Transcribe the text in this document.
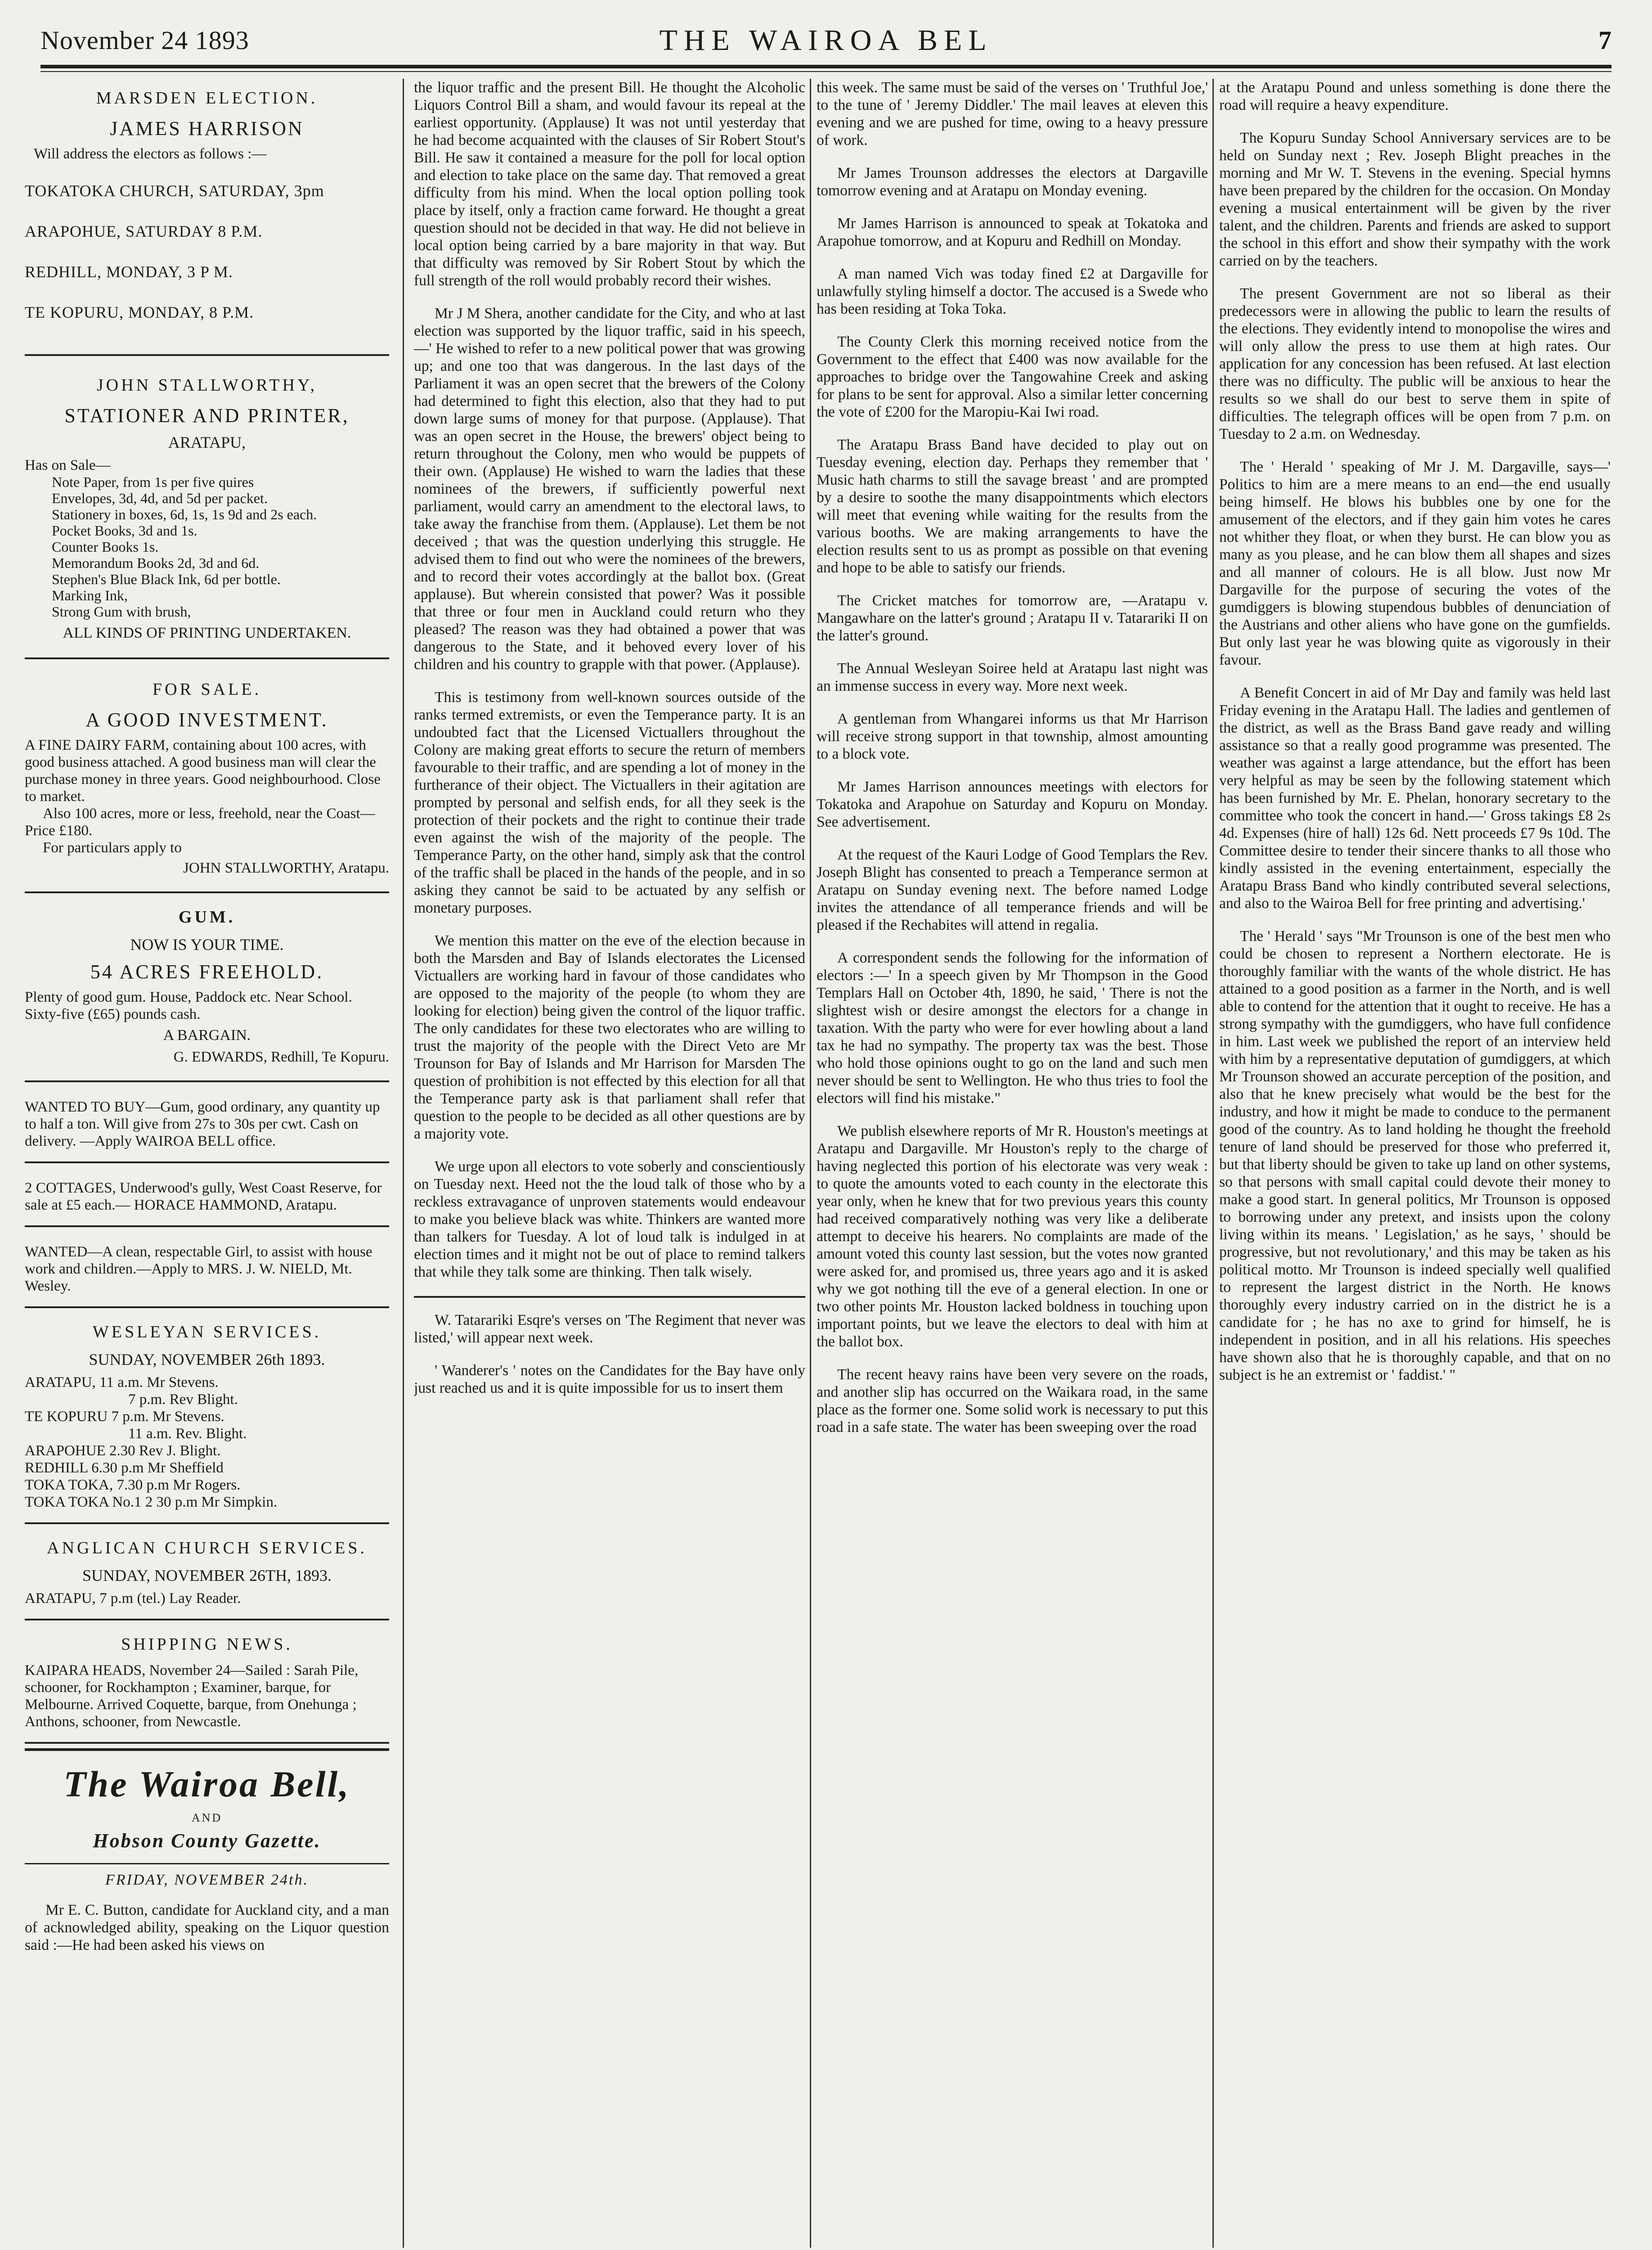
November 24 1893	THE WAIROA BEL	7
MARSDEN ELECTION.
JAMES HARRISON
Will address the electors as follows :—
TOKATOKA CHURCH, SATURDAY, 3pm
ARAPOHUE, SATURDAY 8 P.M.
REDHILL, MONDAY, 3 P M.
TE KOPURU, MONDAY, 8 P.M.
JOHN STALLWORTHY,
STATIONER AND PRINTER,
ARATAPU,
Has on Sale—
Note Paper, from 1s per five quires
Envelopes, 3d, 4d, and 5d per packet.
Stationery in boxes, 6d, 1s, 1s 9d and 2s each.
Pocket Books, 3d and 1s.
Counter Books 1s.
Memorandum Books 2d, 3d and 6d.
Stephen's Blue Black Ink, 6d per bottle.
Marking Ink,
Strong Gum with brush,
ALL KINDS OF PRINTING UNDERTAKEN.
FOR SALE.
A GOOD INVESTMENT.

A FINE DAIRY FARM, containing about 100 acres, with good business attached. A good business man will clear the purchase money in three years. Good neighbourhood. Close to market.

Also 100 acres, more or less, freehold, near the Coast—Price £180.

For particulars apply to
JOHN STALLWORTHY, Aratapu.
GUM.
NOW IS YOUR TIME.
54 ACRES FREEHOLD.

Plenty of good gum. House, Paddock etc. Near School. Sixty-five (£65) pounds cash.

A BARGAIN.
G. EDWARDS, Redhill, Te Kopuru.

WANTED TO BUY—Gum, good ordinary, any quantity up to half a ton. Will give from 27s to 30s per cwt. Cash on delivery. —Apply WAIROA BELL office.

2 COTTAGES, Underwood's gully, West Coast Reserve, for sale at £5 each.— HORACE HAMMOND, Aratapu.

WANTED—A clean, respectable Girl, to assist with house work and children.—Apply to MRS. J. W. NIELD, Mt. Wesley.

WESLEYAN SERVICES.
SUNDAY, NOVEMBER 26th 1893.
ARATAPU, 11 a.m. Mr Stevens.
7 p.m. Rev Blight.
TE KOPURU 7 p.m. Mr Stevens.
11 a.m. Rev. Blight.
ARAPOHUE 2.30 Rev J. Blight.
REDHILL 6.30 p.m Mr Sheffield
TOKA TOKA, 7.30 p.m Mr Rogers.
TOKA TOKA No.1 2 30 p.m Mr Simpkin.
ANGLICAN CHURCH SERVICES.
SUNDAY, NOVEMBER 26TH, 1893.
ARATAPU, 7 p.m (tel.) Lay Reader.
SHIPPING NEWS.

KAIPARA HEADS, November 24—Sailed : Sarah Pile, schooner, for Rockhampton ; Examiner, barque, for Melbourne. Arrived Coquette, barque, from Onehunga ; Anthons, schooner, from Newcastle.

The Wairoa Bell,
AND
Hobson County Gazette.
FRIDAY, NOVEMBER 24th.

Mr E. C. Button, candidate for Auckland city, and a man of acknowledged ability, speaking on the Liquor question said :—He had been asked his views on

the liquor traffic and the present Bill. He thought the Alcoholic Liquors Control Bill a sham, and would favour its repeal at the earliest opportunity. (Applause) It was not until yesterday that he had become acquainted with the clauses of Sir Robert Stout's Bill. He saw it contained a measure for the poll for local option and election to take place on the same day. That removed a great difficulty from his mind. When the local option polling took place by itself, only a fraction came forward. He thought a great question should not be decided in that way. He did not believe in local option being carried by a bare majority in that way. But that difficulty was removed by Sir Robert Stout by which the full strength of the roll would probably record their wishes.

Mr J M Shera, another candidate for the City, and who at last election was supported by the liquor traffic, said in his speech,—' He wished to refer to a new political power that was growing up; and one too that was dangerous. In the last days of the Parliament it was an open secret that the brewers of the Colony had determined to fight this election, also that they had to put down large sums of money for that purpose. (Applause). That was an open secret in the House, the brewers' object being to return throughout the Colony, men who would be puppets of their own. (Applause) He wished to warn the ladies that these nominees of the brewers, if sufficiently powerful next parliament, would carry an amendment to the electoral laws, to take away the franchise from them. (Applause). Let them be not deceived ; that was the question underlying this struggle. He advised them to find out who were the nominees of the brewers, and to record their votes accordingly at the ballot box. (Great applause). But wherein consisted that power? Was it possible that three or four men in Auckland could return who they pleased? The reason was they had obtained a power that was dangerous to the State, and it behoved every lover of his children and his country to grapple with that power. (Applause).

This is testimony from well-known sources outside of the ranks termed extremists, or even the Temperance party. It is an undoubted fact that the Licensed Victuallers throughout the Colony are making great efforts to secure the return of members favourable to their traffic, and are spending a lot of money in the furtherance of their object. The Victuallers in their agitation are prompted by personal and selfish ends, for all they seek is the protection of their pockets and the right to continue their trade even against the wish of the majority of the people. The Temperance Party, on the other hand, simply ask that the control of the traffic shall be placed in the hands of the people, and in so asking they cannot be said to be actuated by any selfish or monetary purposes.

We mention this matter on the eve of the election because in both the Marsden and Bay of Islands electorates the Licensed Victuallers are working hard in favour of those candidates who are opposed to the majority of the people (to whom they are looking for election) being given the control of the liquor traffic. The only candidates for these two electorates who are willing to trust the majority of the people with the Direct Veto are Mr Trounson for Bay of Islands and Mr Harrison for Marsden The question of prohibition is not effected by this election for all that the Temperance party ask is that parliament shall refer that question to the people to be decided as all other questions are by a majority vote.

We urge upon all electors to vote soberly and conscientiously on Tuesday next. Heed not the the loud talk of those who by a reckless extravagance of unproven statements would endeavour to make you believe black was white. Thinkers are wanted more than talkers for Tuesday. A lot of loud talk is indulged in at election times and it might not be out of place to remind talkers that while they talk some are thinking. Then talk wisely.

W. Tatarariki Esqre's verses on 'The Regiment that never was listed,' will appear next week.

' Wanderer's ' notes on the Candidates for the Bay have only just reached us and it is quite impossible for us to insert them

this week. The same must be said of the verses on ' Truthful Joe,' to the tune of ' Jeremy Diddler.' The mail leaves at eleven this evening and we are pushed for time, owing to a heavy pressure of work.

Mr James Trounson addresses the electors at Dargaville tomorrow evening and at Aratapu on Monday evening.

Mr James Harrison is announced to speak at Tokatoka and Arapohue tomorrow, and at Kopuru and Redhill on Monday.

A man named Vich was today fined £2 at Dargaville for unlawfully styling himself a doctor. The accused is a Swede who has been residing at Toka Toka.

The County Clerk this morning received notice from the Government to the effect that £400 was now available for the approaches to bridge over the Tangowahine Creek and asking for plans to be sent for approval. Also a similar letter concerning the vote of £200 for the Maropiu-Kai Iwi road.

The Aratapu Brass Band have decided to play out on Tuesday evening, election day. Perhaps they remember that ' Music hath charms to still the savage breast ' and are prompted by a desire to soothe the many disappointments which electors will meet that evening while waiting for the results from the various booths. We are making arrangements to have the election results sent to us as prompt as possible on that evening and hope to be able to satisfy our friends.

The Cricket matches for tomorrow are, —Aratapu v. Mangawhare on the latter's ground ; Aratapu II v. Tatarariki II on the latter's ground.

The Annual Wesleyan Soiree held at Aratapu last night was an immense success in every way. More next week.

A gentleman from Whangarei informs us that Mr Harrison will receive strong support in that township, almost amounting to a block vote.

Mr James Harrison announces meetings with electors for Tokatoka and Arapohue on Saturday and Kopuru on Monday. See advertisement.

At the request of the Kauri Lodge of Good Templars the Rev. Joseph Blight has consented to preach a Temperance sermon at Aratapu on Sunday evening next. The before named Lodge invites the attendance of all temperance friends and will be pleased if the Rechabites will attend in regalia.

A correspondent sends the following for the information of electors :—' In a speech given by Mr Thompson in the Good Templars Hall on October 4th, 1890, he said, ' There is not the slightest wish or desire amongst the electors for a change in taxation. With the party who were for ever howling about a land tax he had no sympathy. The property tax was the best. Those who hold those opinions ought to go on the land and such men never should be sent to Wellington. He who thus tries to fool the electors will find his mistake."

We publish elsewhere reports of Mr R. Houston's meetings at Aratapu and Dargaville. Mr Houston's reply to the charge of having neglected this portion of his electorate was very weak : to quote the amounts voted to each county in the electorate this year only, when he knew that for two previous years this county had received comparatively nothing was very like a deliberate attempt to deceive his hearers. No complaints are made of the amount voted this county last session, but the votes now granted were asked for, and promised us, three years ago and it is asked why we got nothing till the eve of a general election. In one or two other points Mr. Houston lacked boldness in touching upon important points, but we leave the electors to deal with him at the ballot box.

The recent heavy rains have been very severe on the roads, and another slip has occurred on the Waikara road, in the same place as the former one. Some solid work is necessary to put this road in a safe state. The water has been sweeping over the road

at the Aratapu Pound and unless something is done there the road will require a heavy expenditure.

The Kopuru Sunday School Anniversary services are to be held on Sunday next ; Rev. Joseph Blight preaches in the morning and Mr W. T. Stevens in the evening. Special hymns have been prepared by the children for the occasion. On Monday evening a musical entertainment will be given by the river talent, and the children. Parents and friends are asked to support the school in this effort and show their sympathy with the work carried on by the teachers.

The present Government are not so liberal as their predecessors were in allowing the public to learn the results of the elections. They evidently intend to monopolise the wires and will only allow the press to use them at high rates. Our application for any concession has been refused. At last election there was no difficulty. The public will be anxious to hear the results so we shall do our best to serve them in spite of difficulties. The telegraph offices will be open from 7 p.m. on Tuesday to 2 a.m. on Wednesday.

The ' Herald ' speaking of Mr J. M. Dargaville, says—' Politics to him are a mere means to an end—the end usually being himself. He blows his bubbles one by one for the amusement of the electors, and if they gain him votes he cares not whither they float, or when they burst. He can blow you as many as you please, and he can blow them all shapes and sizes and all manner of colours. He is all blow. Just now Mr Dargaville for the purpose of securing the votes of the gumdiggers is blowing stupendous bubbles of denunciation of the Austrians and other aliens who have gone on the gumfields. But only last year he was blowing quite as vigorously in their favour.

A Benefit Concert in aid of Mr Day and family was held last Friday evening in the Aratapu Hall. The ladies and gentlemen of the district, as well as the Brass Band gave ready and willing assistance so that a really good programme was presented. The weather was against a large attendance, but the effort has been very helpful as may be seen by the following statement which has been furnished by Mr. E. Phelan, honorary secretary to the committee who took the concert in hand.—' Gross takings £8 2s 4d. Expenses (hire of hall) 12s 6d. Nett proceeds £7 9s 10d. The Committee desire to tender their sincere thanks to all those who kindly assisted in the evening entertainment, especially the Aratapu Brass Band who kindly contributed several selections, and also to the Wairoa Bell for free printing and advertising.'

The ' Herald ' says "Mr Trounson is one of the best men who could be chosen to represent a Northern electorate. He is thoroughly familiar with the wants of the whole district. He has attained to a good position as a farmer in the North, and is well able to contend for the attention that it ought to receive. He has a strong sympathy with the gumdiggers, who have full confidence in him. Last week we published the report of an interview held with him by a representative deputation of gumdiggers, at which Mr Trounson showed an accurate perception of the position, and also that he knew precisely what would be the best for the industry, and how it might be made to conduce to the permanent good of the country. As to land holding he thought the freehold tenure of land should be preserved for those who preferred it, but that liberty should be given to take up land on other systems, so that persons with small capital could devote their money to make a good start. In general politics, Mr Trounson is opposed to borrowing under any pretext, and insists upon the colony living within its means. ' Legislation,' as he says, ' should be progressive, but not revolutionary,' and this may be taken as his political motto. Mr Trounson is indeed specially well qualified to represent the largest district in the North. He knows thoroughly every industry carried on in the district he is a candidate for ; he has no axe to grind for himself, he is independent in position, and in all his relations. His speeches have shown also that he is thoroughly capable, and that on no subject is he an extremist or ' faddist.' "
